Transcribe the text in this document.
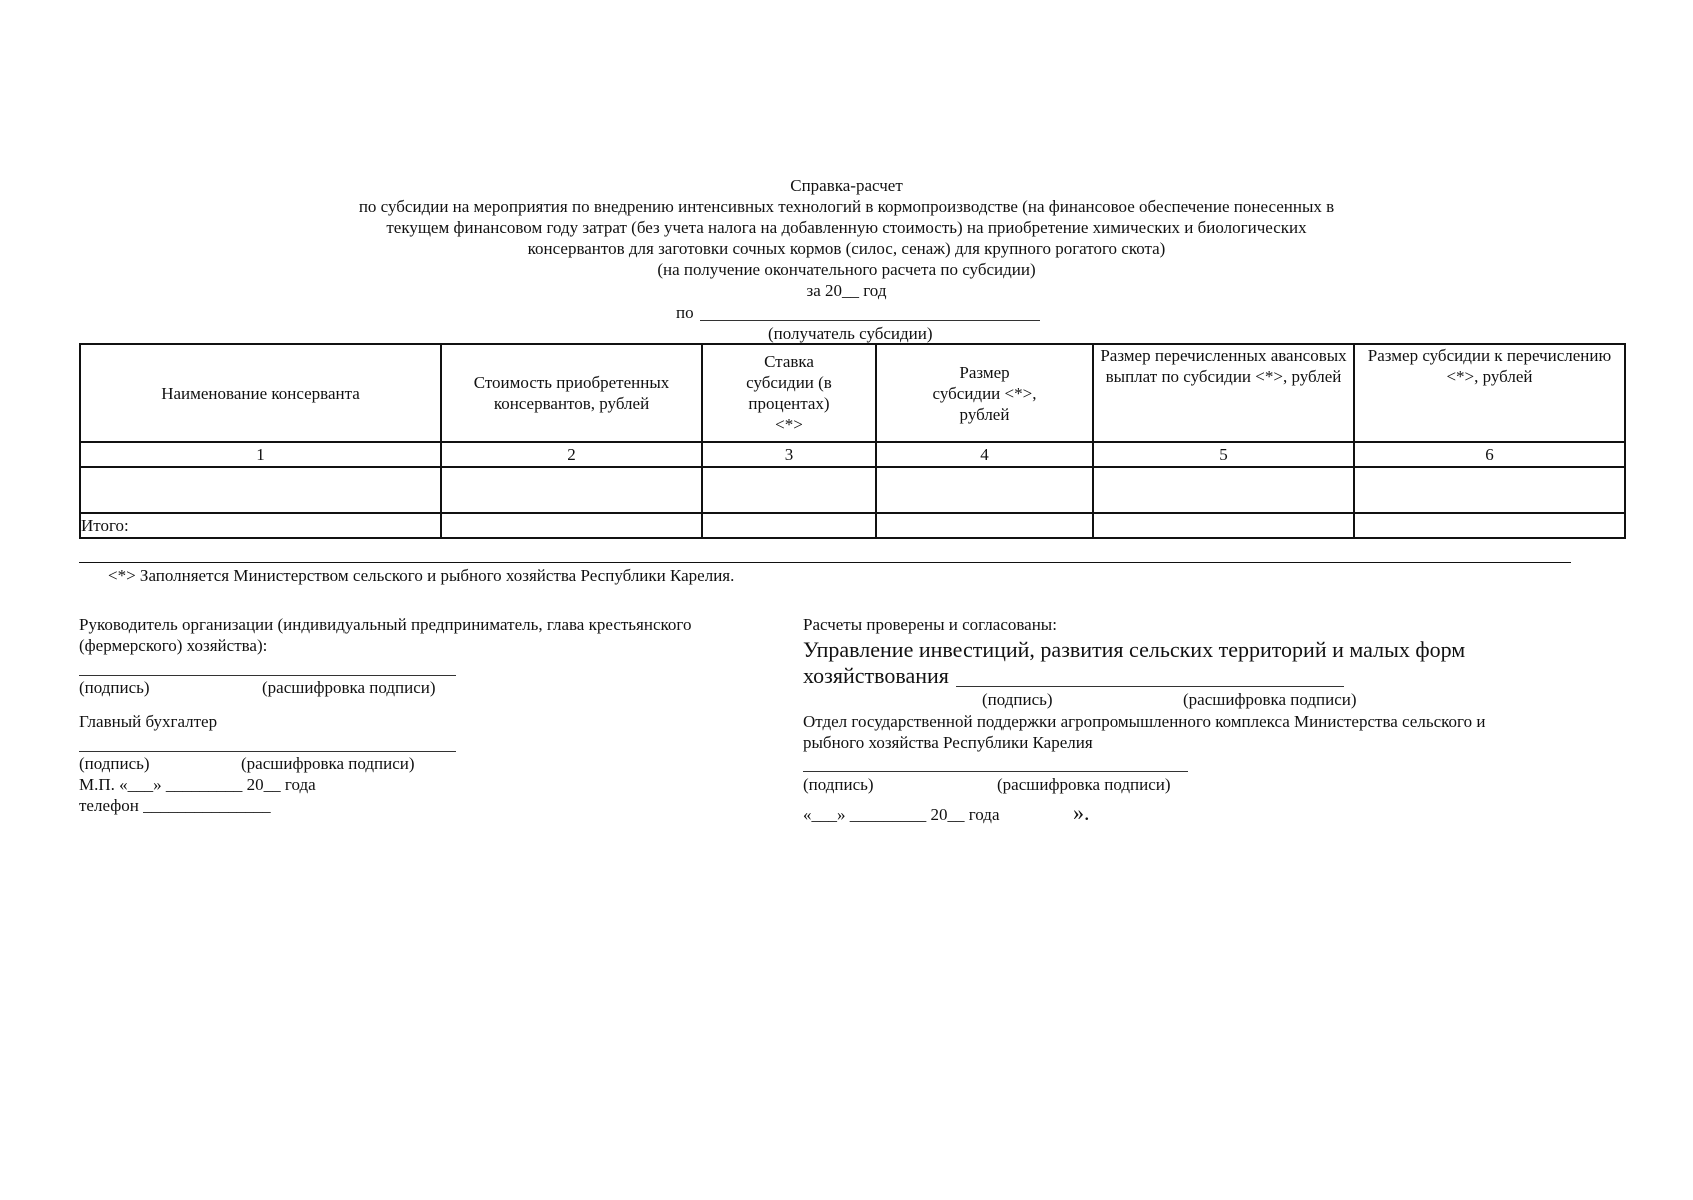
Справка-расчет
по субсидии на мероприятия по внедрению интенсивных технологий в кормопроизводстве (на финансовое обеспечение понесенных в
текущем финансовом году затрат (без учета налога на добавленную стоимость) на приобретение химических и биологических
консервантов для заготовки сочных кормов (силос, сенаж) для крупного рогатого скота)
(на получение окончательного расчета по субсидии)
за 20__ год
по
(получатель субсидии)
Наименование консерванта	Стоимость приобретенных консервантов, рублей	Ставка субсидии (в процентах) <*>	Размер субсидии <*>, рублей	Размер перечисленных авансовых выплат по субсидии <*>, рублей	Размер субсидии к перечислению <*>, рублей
1	2	3	4	5	6

Итого:					
<*> Заполняется Министерством сельского и рыбного хозяйства Республики Карелия.
Руководитель организации (индивидуальный предприниматель, глава крестьянского
(фермерского) хозяйства):
(подпись)	(расшифровка подписи)
Главный бухгалтер
(подпись)	(расшифровка подписи)
М.П. «___» _________ 20__ года
телефон _______________
Расчеты проверены и согласованы:
Управление инвестиций, развития сельских территорий и малых форм
хозяйствования
(подпись)	(расшифровка подписи)
Отдел государственной поддержки агропромышленного комплекса Министерства сельского и
рыбного хозяйства Республики Карелия
(подпись)	(расшифровка подписи)
«___» _________ 20__ года	».
